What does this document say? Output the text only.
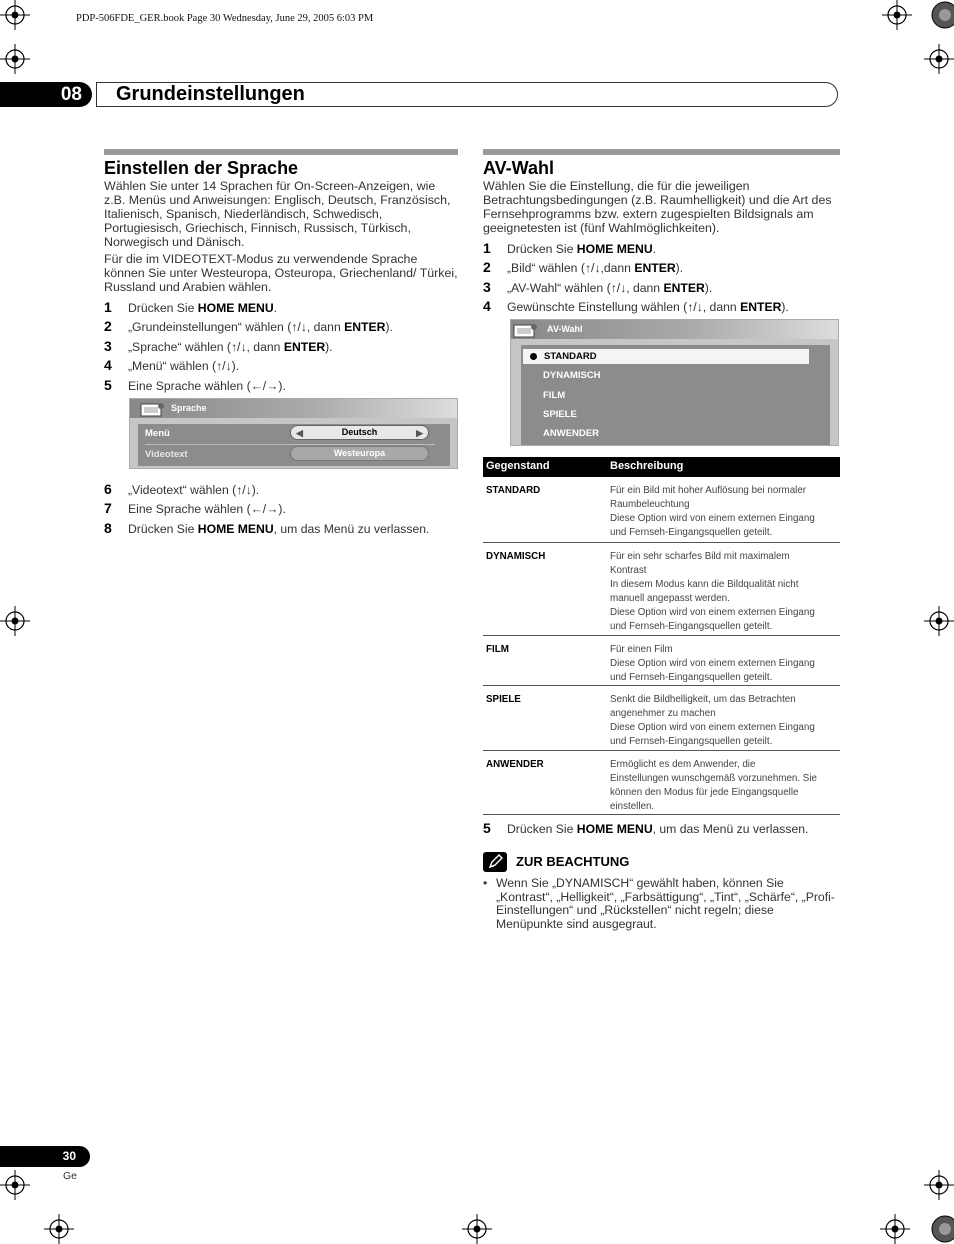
PDP-506FDE_GER.book Page 30 Wednesday, June 29, 2005 6:03 PM
08	Grundeinstellungen
Einstellen der Sprache

Wählen Sie unter 14 Sprachen für On-Screen-Anzeigen, wie z.B. Menüs und Anweisungen: Englisch, Deutsch, Französisch, Italienisch, Spanisch, Niederländisch, Schwedisch, Portugiesisch, Griechisch, Finnisch, Russisch, Türkisch, Norwegisch und Dänisch.

Für die im VIDEOTEXT-Modus zu verwendende Sprache können Sie unter Westeuropa, Osteuropa, Griechenland/ Türkei, Russland und Arabien wählen.

1	Drücken Sie HOME MENU.
2	„Grundeinstellungen“ wählen (↑/↓, dann ENTER).
3	„Sprache“ wählen (↑/↓, dann ENTER).
4	„Menü“ wählen (↑/↓).
5	Eine Sprache wählen (←/→).
Sprache
Menü	◀	Deutsch	▶
Videotext	Westeuropa
6	„Videotext“ wählen (↑/↓).
7	Eine Sprache wählen (←/→).
8	Drücken Sie HOME MENU, um das Menü zu verlassen.
AV-Wahl

Wählen Sie die Einstellung, die für die jeweiligen Betrachtungsbedingungen (z.B. Raumhelligkeit) und die Art des Fernsehprogramms bzw. extern zugespielten Bildsignals am geeignetesten ist (fünf Wahlmöglichkeiten).

1	Drücken Sie HOME MENU.
2	„Bild“ wählen (↑/↓,dann ENTER).
3	„AV-Wahl“ wählen (↑/↓, dann ENTER).
4	Gewünschte Einstellung wählen (↑/↓, dann ENTER).
AV-Wahl
STANDARD
DYNAMISCH
FILM
SPIELE
ANWENDER
Gegenstand	Beschreibung
STANDARD	Für ein Bild mit hoher Auflösung bei normaler
Raumbeleuchtung
Diese Option wird von einem externen Eingang
und Fernseh-Eingangsquellen geteilt.
DYNAMISCH	Für ein sehr scharfes Bild mit maximalem
Kontrast
In diesem Modus kann die Bildqualität nicht
manuell angepasst werden.
Diese Option wird von einem externen Eingang
und Fernseh-Eingangsquellen geteilt.
FILM	Für einen Film
Diese Option wird von einem externen Eingang
und Fernseh-Eingangsquellen geteilt.
SPIELE	Senkt die Bildhelligkeit, um das Betrachten
angenehmer zu machen
Diese Option wird von einem externen Eingang
und Fernseh-Eingangsquellen geteilt.
ANWENDER	Ermöglicht es dem Anwender, die
Einstellungen wunschgemäß vorzunehmen. Sie
können den Modus für jede Eingangsquelle
einstellen.
5	Drücken Sie HOME MENU, um das Menü zu verlassen.
ZUR BEACHTUNG
• Wenn Sie „DYNAMISCH“ gewählt haben, können Sie „Kontrast“, „Helligkeit“, „Farbsättigung“, „Tint“, „Schärfe“, „Profi-Einstellungen“ und „Rückstellen“ nicht regeln; diese Menüpunkte sind ausgegraut.
30
Ge
